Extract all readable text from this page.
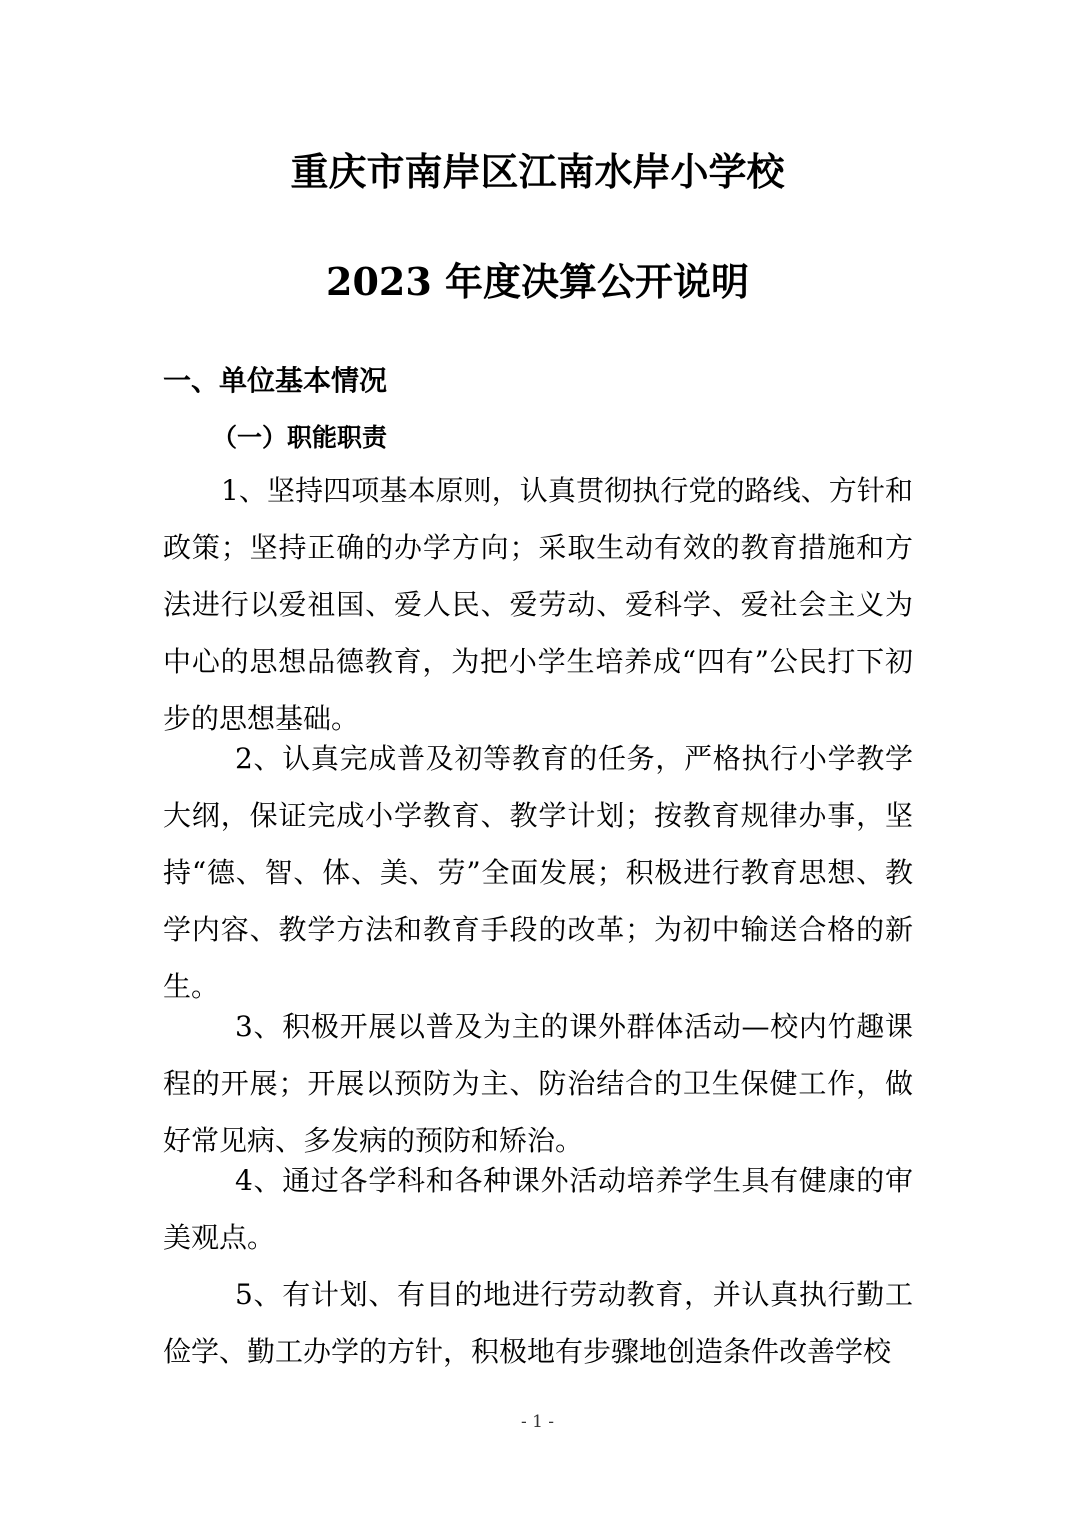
重庆市南岸区江南水岸小学校
2023 年度决算公开说明
一、单位基本情况
（一）职能职责

1、坚持四项基本原则，认真贯彻执行党的路线、方针和政策；坚持正确的办学方向；采取生动有效的教育措施和方法进行以爱祖国、爱人民、爱劳动、爱科学、爱社会主义为中心的思想品德教育，为把小学生培养成“四有”公民打下初步的思想基础。

2、认真完成普及初等教育的任务，严格执行小学教学大纲，保证完成小学教育、教学计划；按教育规律办事，坚持“德、智、体、美、劳”全面发展；积极进行教育思想、教学内容、教学方法和教育手段的改革；为初中输送合格的新生。

3、积极开展以普及为主的课外群体活动—校内竹趣课程的开展；开展以预防为主、防治结合的卫生保健工作，做好常见病、多发病的预防和矫治。

4、通过各学科和各种课外活动培养学生具有健康的审美观点。

5、有计划、有目的地进行劳动教育，并认真执行勤工俭学、勤工办学的方针，积极地有步骤地创造条件改善学校

- 1 -
